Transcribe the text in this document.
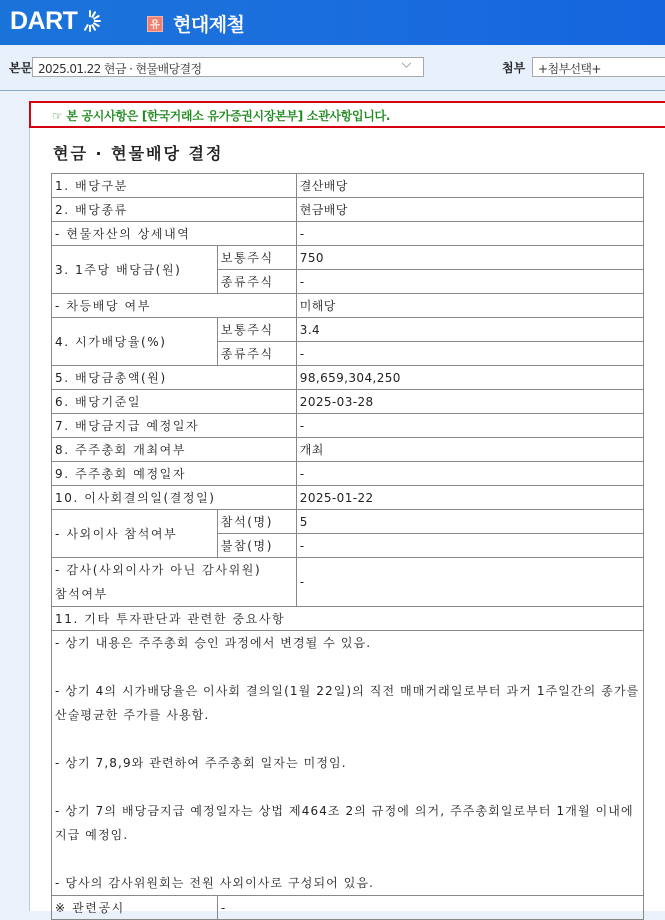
DART	유 현대제철
본문 2025.01.22 현금 · 현물배당결정	첨부	+첨부선택+
☞ 본 공시사항은 [한국거래소 유가증권시장본부] 소관사항입니다.
현금 · 현물배당 결정
1. 배당구분		결산배당
2. 배당종류		현금배당
- 현물자산의 상세내역		-
3. 1주당 배당금(원)	보통주식	750
	종류주식	-
- 차등배당 여부		미해당
4. 시가배당율(%)	보통주식	3.4
	종류주식	-
5. 배당금총액(원)		98,659,304,250
6. 배당기준일		2025-03-28
7. 배당금지급 예정일자		-
8. 주주총회 개최여부		개최
9. 주주총회 예정일자		-
10. 이사회결의일(결정일)		2025-01-22
- 사외이사 참석여부	참석(명)	5
	불참(명)	-
- 감사(사외이사가 아닌 감사위원) 참석여부		-
11. 기타 투자판단과 관련한 중요사항		

- 상기 내용은 주주총회 승인 과정에서 변경될 수 있음.
- 상기 4의 시가배당율은 이사회 결의일(1월 22일)의 직전 매매거래일로부터 과거 1주일간의 종가를 산술평균한 주가를 사용함.
- 상기 7,8,9와 관련하여 주주총회 일자는 미정임.
- 상기 7의 배당금지급 예정일자는 상법 제464조 2의 규정에 의거, 주주총회일로부터 1개월 이내에 지급 예정임.
- 당사의 감사위원회는 전원 사외이사로 구성되어 있음.		

※ 관련공시	-	
